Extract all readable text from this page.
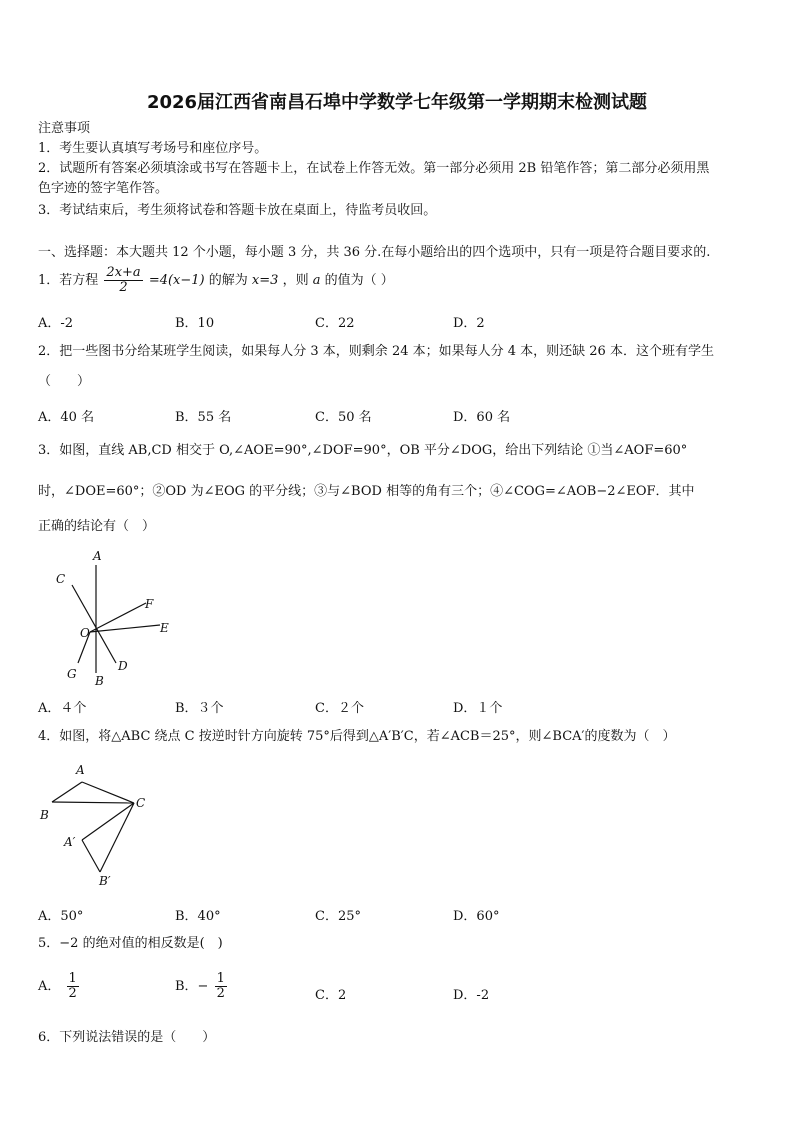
2026届江西省南昌石埠中学数学七年级第一学期期末检测试题
注意事项
1．考生要认真填写考场号和座位序号。
2．试题所有答案必须填涂或书写在答题卡上，在试卷上作答无效。第一部分必须用 2B 铅笔作答；第二部分必须用黑
色字迹的签字笔作答。
3．考试结束后，考生须将试卷和答题卡放在桌面上，待监考员收回。
一、选择题：本大题共 12 个小题，每小题 3 分，共 36 分.在每小题给出的四个选项中，只有一项是符合题目要求的.
1．若方程 $\frac{2x+a}{2} =4(x-1)$ 的解为 x=3 ，则 a 的值为（ ）
A．-2	B．10	C．22	D．2
2．把一些图书分给某班学生阅读，如果每人分 3 本，则剩余 24 本；如果每人分 4 本，则还缺 26 本．这个班有学生
（　　）
A．40 名	B．55 名	C．50 名	D．60 名
3．如图，直线 AB,CD 相交于 O,∠AOE=90°,∠DOF=90°，OB 平分∠DOG，给出下列结论 ①当∠AOF=60°
时，∠DOE=60°；②OD 为∠EOG 的平分线；③与∠BOD 相等的角有三个；④∠COG=∠AOB−2∠EOF．其中
正确的结论有（　）
A
C
F
E
O
G
D
B
A．４个	B．３个	C．２个	D．１个
4．如图，将△ABC 绕点 C 按逆时针方向旋转 75°后得到△A′B′C，若∠ACB＝25°，则∠BCA′的度数为（　）
A
B
C
A′
B′
A．50°	B．40°	C．25°	D．60°
5．−2 的绝对值的相反数是(　)
A． $\frac{1}{2}$	B．− $\frac{1}{2}$	C．2	D．-2
6．下列说法错误的是（　　）
